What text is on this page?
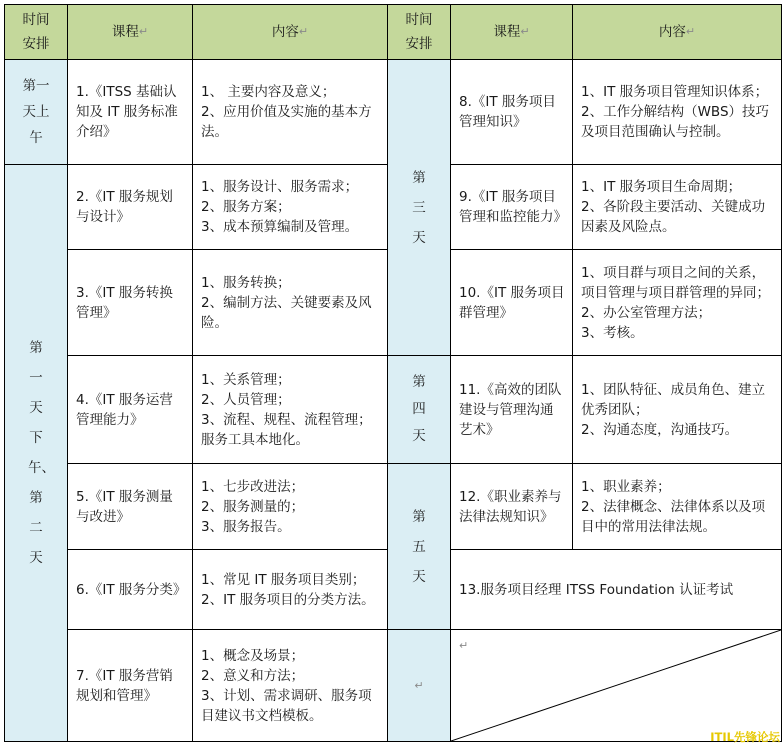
时间安排
课程 ↵	内容 ↵
时间安排
课程 ↵	内容 ↵
第一天上午
第一天下午、第二天
1.《ITSS 基础认知及 IT 服务标准介绍》
1、 主要内容及意义；
2、应用价值及实施的基本方法。
2.《IT 服务规划与设计》
1、服务设计、服务需求；
2、服务方案；
3、成本预算编制及管理。
3.《IT 服务转换管理》
1、服务转换；
2、编制方法、关键要素及风险。
4.《IT 服务运营管理能力》
1、关系管理；
2、人员管理；
3、流程、规程、流程管理；服务工具本地化。
5.《IT 服务测量与改进》
1、七步改进法；
2、服务测量的；
3、服务报告。
6.《IT 服务分类》
1、常见 IT 服务项目类别；
2、IT 服务项目的分类方法。
7.《IT 服务营销规划和管理》
1、概念及场景；
2、意义和方法；
3、计划、需求调研、服务项目建议书文档模板。
第三天
第四天
第五天
↵
8.《IT 服务项目管理知识》
1、IT 服务项目管理知识体系；
2、工作分解结构（WBS）技巧及项目范围确认与控制。
9.《IT 服务项目管理和监控能力》
1、IT 服务项目生命周期；
2、各阶段主要活动、关键成功因素及风险点。
10.《IT 服务项目群管理》
1、项目群与项目之间的关系，项目管理与项目群管理的异同；
2、办公室管理方法；
3、考核。
11.《高效的团队建设与管理沟通艺术》
1、团队特征、成员角色、建立优秀团队；
2、沟通态度，沟通技巧。
12.《职业素养与法律法规知识》
1、职业素养；
2、法律概念、法律体系以及项目中的常用法律法规。
13.服务项目经理 ITSS Foundation 认证考试
↵
ITIL先锋论坛
